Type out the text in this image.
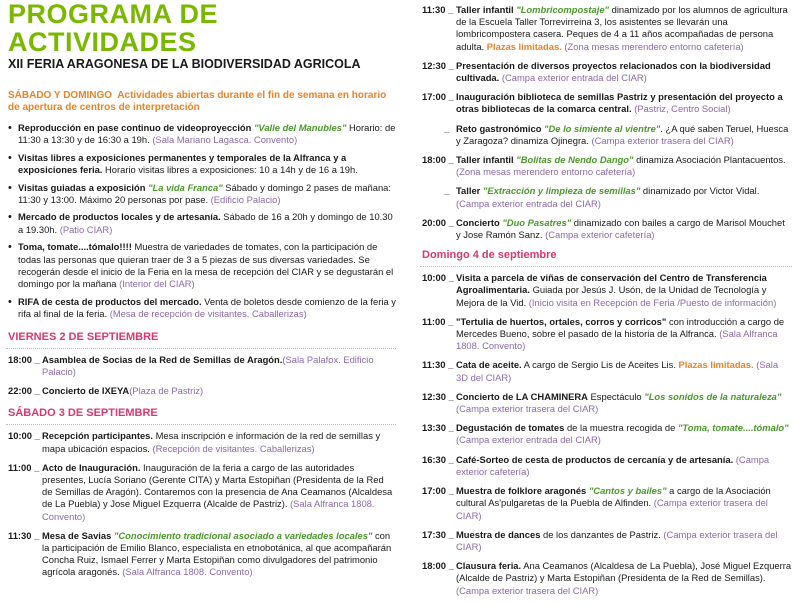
PROGRAMA DE ACTIVIDADES
XII FERIA ARAGONESA DE LA BIODIVERSIDAD AGRICOLA
SÁBADO Y DOMINGO Actividades abiertas durante el fin de semana en horario de apertura de centros de interpretación
• Reproducción en pase continuo de videoproyección "Valle del Manubles" Horario: de 11:30 a 13:30 y de 16:30 a 19h. (Sala Mariano Lagasca. Convento)
• Visitas libres a exposiciones permanentes y temporales de la Alfranca y a exposiciones feria. Horario visitas libres a exposiciones: 10 a 14h y de 16 a 19h.
• Visitas guiadas a exposición "La vida Franca" Sábado y domingo 2 pases de mañana: 11:30 y 13:00. Máximo 20 personas por pase. (Edificio Palacio)
• Mercado de productos locales y de artesanía. Sábado de 16 a 20h y domingo de 10.30 a 19.30h. (Patio CIAR)
• Toma, tomate....tómalo!!!! Muestra de variedades de tomates, con la participación de todas las personas que quieran traer de 3 a 5 piezas de sus diversas variedades. Se recogerán desde el inicio de la Feria en la mesa de recepción del CIAR y se degustarán el domingo por la mañana (Interior del CIAR)
• RIFA de cesta de productos del mercado. Venta de boletos desde comienzo de la feria y rifa al final de la feria. (Mesa de recepción de visitantes. Caballerizas)
VIERNES 2 DE SEPTIEMBRE
18:00 _ Asamblea de Socias de la Red de Semillas de Aragón.(Sala Palafox. Edificio Palacio)
22:00 _ Concierto de IXEYA(Plaza de Pastriz)
SÁBADO 3 DE SEPTIEMBRE
10:00 _ Recepción participantes. Mesa inscripción e información de la red de semillas y mapa ubicación espacios. (Recepción de visitantes. Caballerizas)
11:00 _ Acto de Inauguración. Inauguración de la feria a cargo de las autoridades presentes, Lucía Soriano (Gerente CITA) y Marta Estopiñan (Presidenta de la Red de Semillas de Aragón). Contaremos con la presencia de Ana Ceamanos (Alcaldesa de La Puebla) y Jose Miguel Ezquerra (Alcalde de Pastriz). (Sala Alfranca 1808. Convento)
11:30 _ Mesa de Savias "Conocimiento tradicional asociado a variedades locales" con la participación de Emilio Blanco, especialista en etnobotánica, al que acompañarán Concha Ruiz, Ismael Ferrer y Marta Estopiñan como divulgadores del patrimonio agrícola aragonés. (Sala Alfranca 1808. Convento)
11:30 _ Taller infantil "Lombricompostaje" dinamizado por los alumnos de agricultura de la Escuela Taller Torrevirreina 3, los asistentes se llevarán una lombricompostera casera. Peques de 4 a 11 años acompañadas de persona adulta. Plazas limitadas. (Zona mesas merendero entorno cafetería)
12:30 _ Presentación de diversos proyectos relacionados con la biodiversidad cultivada. (Campa exterior entrada del CIAR)
17:00 _ Inauguración biblioteca de semillas Pastriz y presentación del proyecto a otras bibliotecas de la comarca central. (Pastriz, Centro Social)
_ Reto gastronómico "De lo simiente al vientre". ¿A qué saben Teruel, Huesca y Zaragoza? dinamiza Ojinegra. (Campa exterior trasera del CIAR)
18:00 _ Taller infantil "Bolitas de Nendo Dango" dinamiza Asociación Plantacuentos. (Zona mesas merendero entorno cafetería)
_ Taller "Extracción y limpieza de semillas" dinamizado por Victor Vidal. (Campa exterior entrada del CIAR)
20:00 _ Concierto "Duo Pasatres" dinamizado con bailes a cargo de Marisol Mouchet y Jose Ramón Sanz. (Campa exterior cafetería)
Domingo 4 de septiembre
10:00 _ Visita a parcela de viñas de conservación del Centro de Transferencia Agroalimentaria. Guiada por Jesús J. Usón, de la Unidad de Tecnología y Mejora de la Vid. (Inicio visita en Recepción de Feria /Puesto de información)
11:00 _ "Tertulia de huertos, ortales, corros y corricos" con introducción a cargo de Mercedes Bueno, sobre el pasado de la historia de la Alfranca. (Sala Alfranca 1808. Convento)
11:30 _ Cata de aceite. A cargo de Sergio Lis de Aceites Lis. Plazas limitadas. (Sala 3D del CIAR)
12:30 _ Concierto de LA CHAMINERA Espectáculo "Los sonidos de la naturaleza"(Campa exterior trasera del CIAR)
13:30 _ Degustación de tomates de la muestra recogida de "Toma, tomate....tómalo"(Campa exterior entrada del CIAR)
16:30 _ Café-Sorteo de cesta de productos de cercanía y de artesanía. (Campa exterior cafetería)
17:00 _ Muestra de folklore aragonés "Cantos y bailes" a cargo de la Asociación cultural As'pulgaretas de la Puebla de Alfinden. (Campa exterior trasera del CIAR)
17:30 _ Muestra de dances de los danzantes de Pastriz. (Campa exterior trasera del CIAR)
18:00 _ Clausura feria. Ana Ceamanos (Alcaldesa de La Puebla), José Miguel Ezquerra (Alcalde de Pastriz) y Marta Estopiñan (Presidenta de la Red de Semillas). (Campa exterior trasera del CIAR)
